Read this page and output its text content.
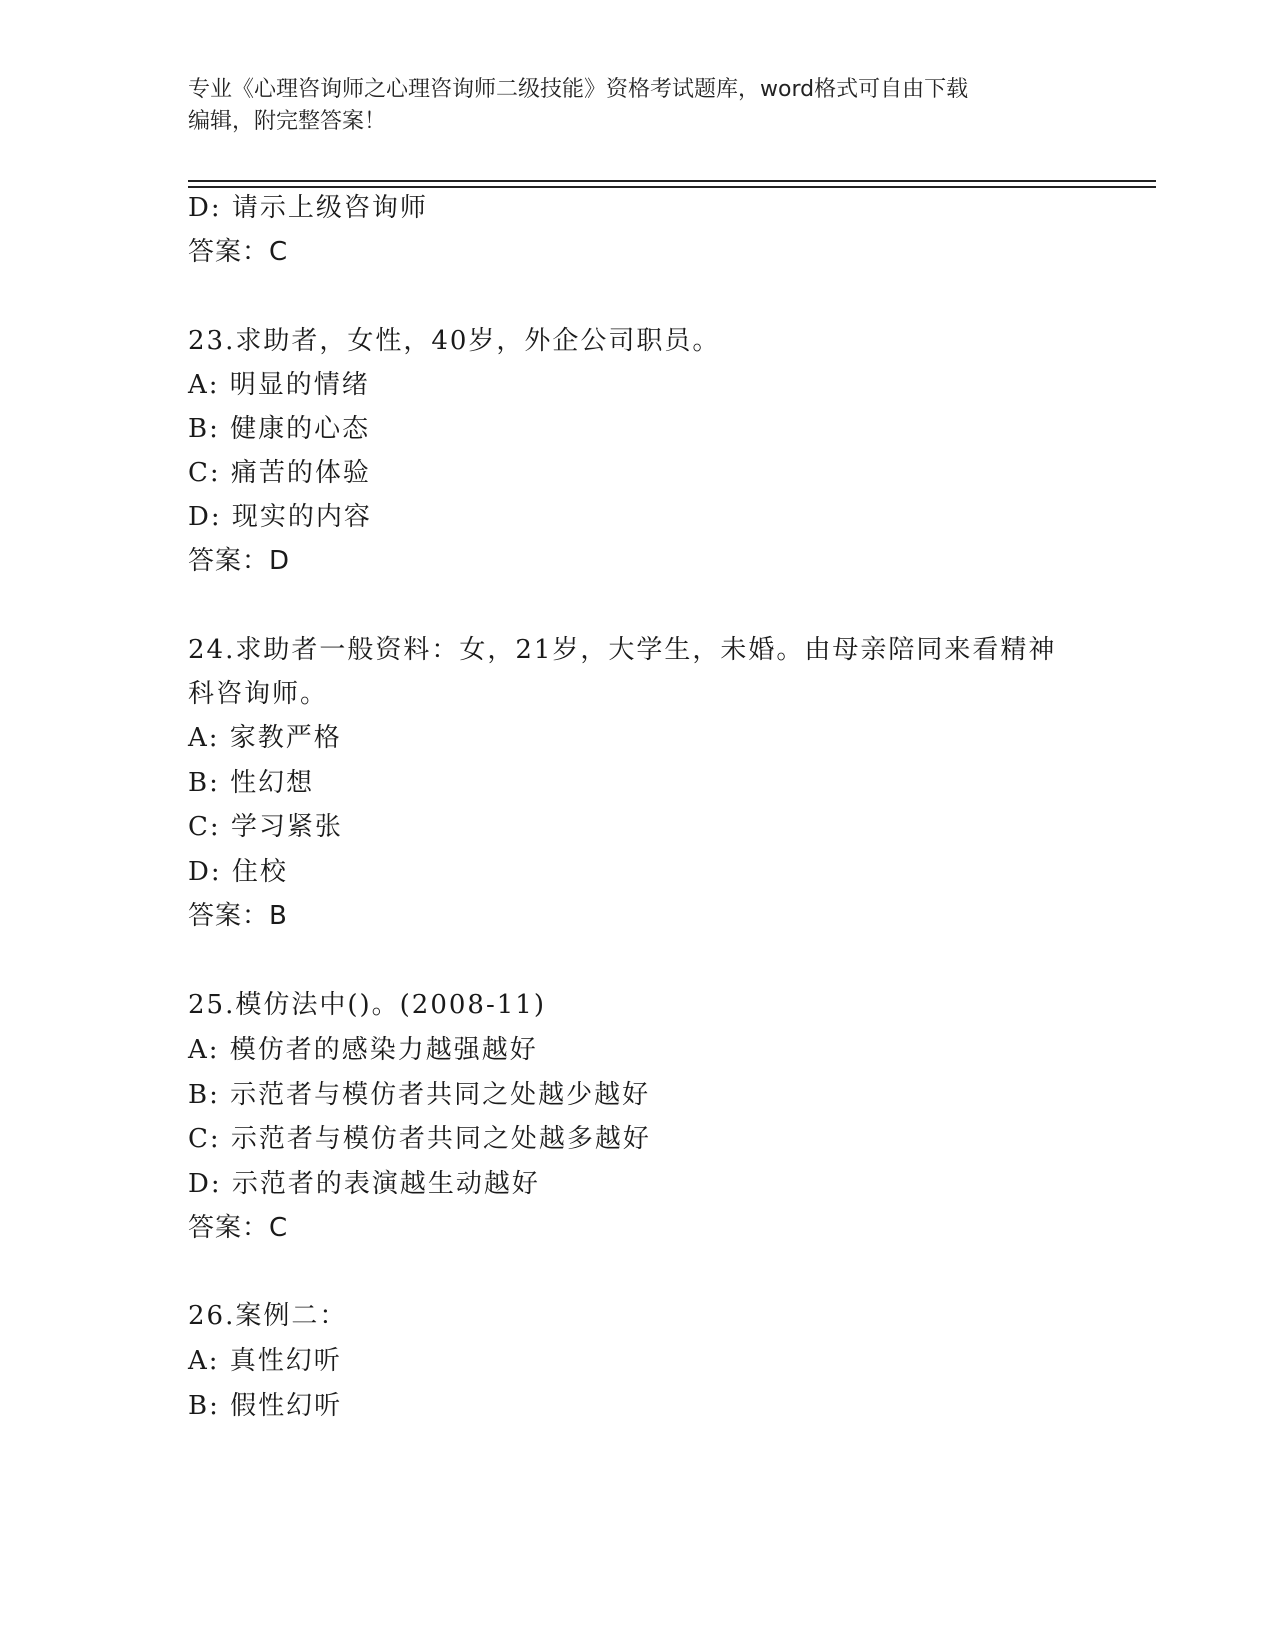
专业《心理咨询师之心理咨询师二级技能》资格考试题库，word格式可自由下载
编辑，附完整答案！
D: 请示上级咨询师
答案：C
23.求助者，女性，40岁，外企公司职员。
A: 明显的情绪
B: 健康的心态
C: 痛苦的体验
D: 现实的内容
答案：D
24.求助者一般资料：女，21岁，大学生，未婚。由母亲陪同来看精神
科咨询师。
A: 家教严格
B: 性幻想
C: 学习紧张
D: 住校
答案：B
25.模仿法中()。(2008-11)
A: 模仿者的感染力越强越好
B: 示范者与模仿者共同之处越少越好
C: 示范者与模仿者共同之处越多越好
D: 示范者的表演越生动越好
答案：C
26.案例二：
A: 真性幻听
B: 假性幻听
